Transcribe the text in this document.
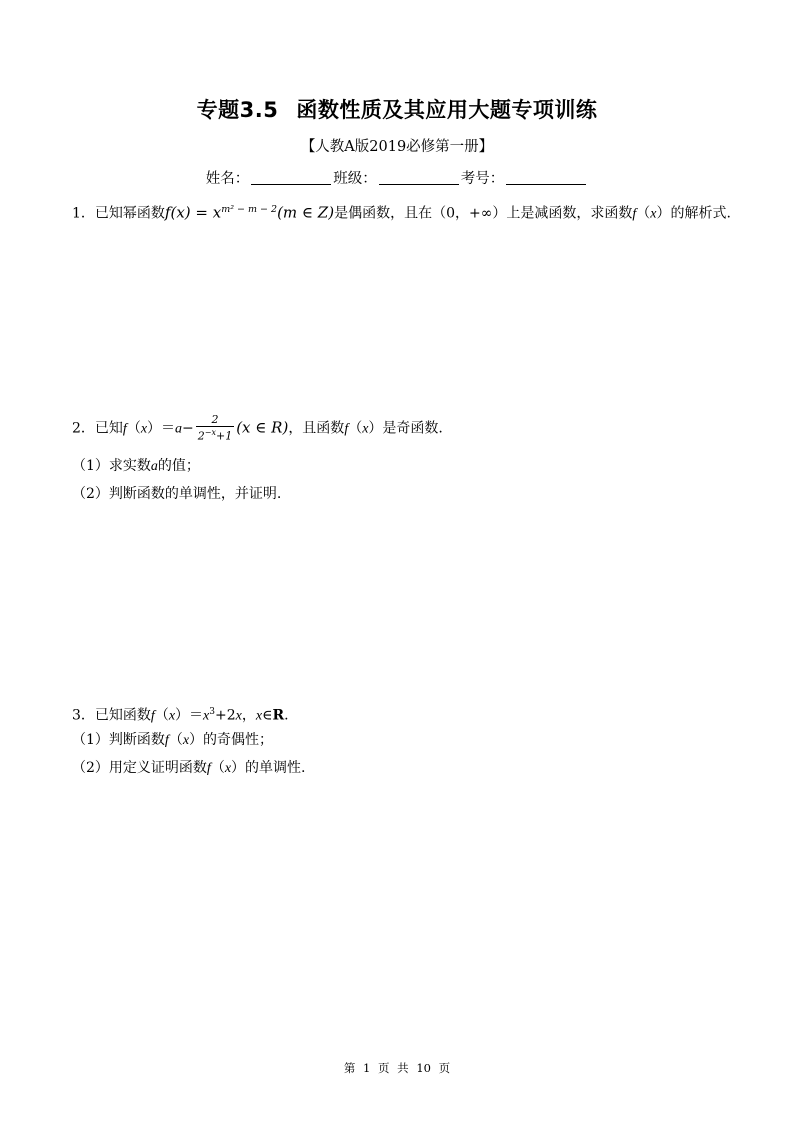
专题3.5 函数性质及其应用大题专项训练
【人教A版2019必修第一册】
姓名：	班级：	考号：
1．已知幂函数$f(x) = x^{m^2 - m - 2}(m$ ∈ Z)是偶函数，且在（0，+∞）上是减函数，求函数f（x）的解析式.
2．已知$f(x)=a- \frac{2}{2^{-x}+1} (x$ ∈ R)，且函数f（x）是奇函数.
（1）求实数a的值；
（2）判断函数的单调性，并证明.
3．已知函数$f(x)=x^3+2x$，x∈R.
（1）判断函数f（x）的奇偶性；
（2）用定义证明函数f（x）的单调性.
第 1 页 共 10 页
